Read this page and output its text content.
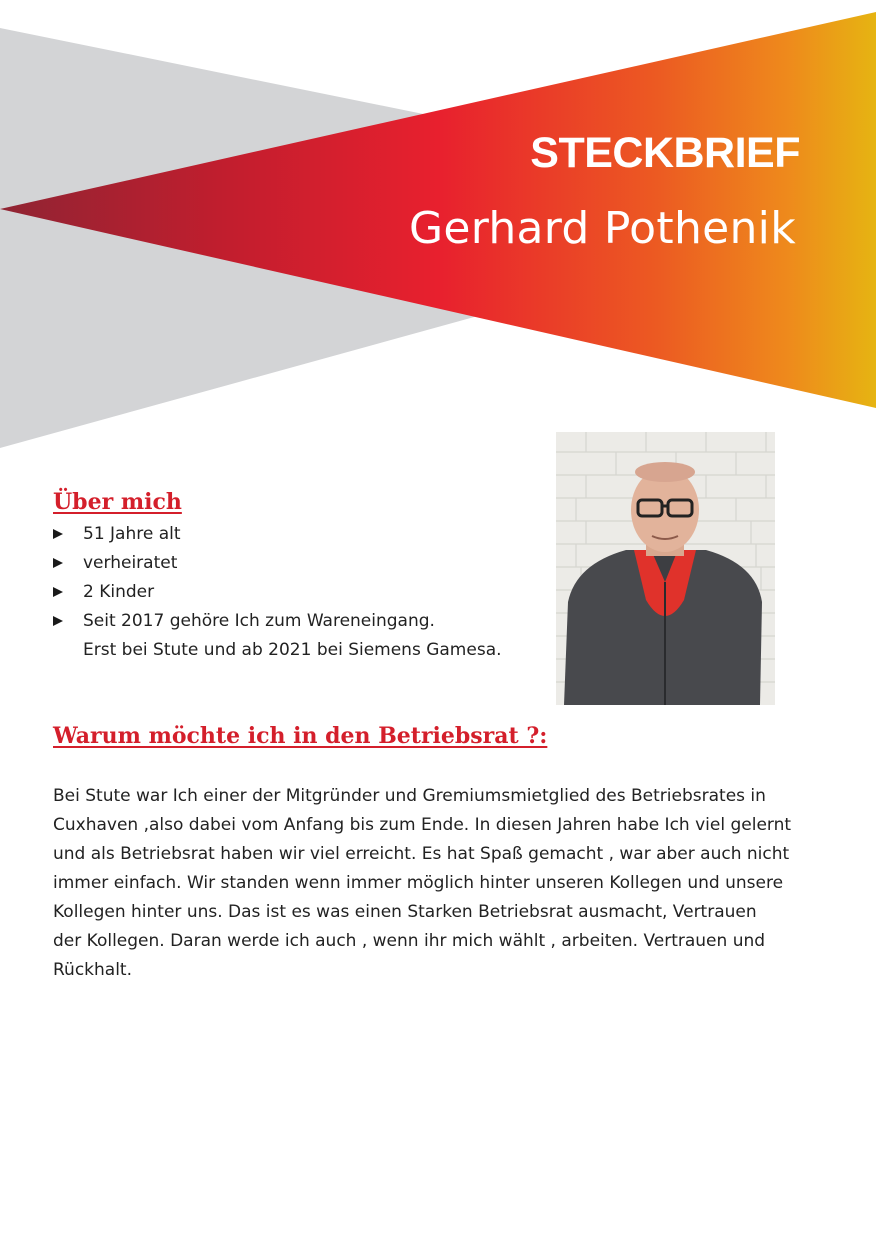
STECKBRIEF
Gerhard Pothenik
Über mich
51 Jahre alt
verheiratet
2 Kinder
Seit 2017 gehöre Ich zum Wareneingang.
Erst bei Stute und ab 2021 bei Siemens Gamesa.
Warum möchte ich in den Betriebsrat ?:
Bei Stute war Ich einer der Mitgründer und Gremiumsmietglied des Betriebsrates in
Cuxhaven ,also dabei vom Anfang bis zum Ende. In diesen Jahren habe Ich viel gelernt
und als Betriebsrat haben wir viel erreicht. Es hat Spaß gemacht , war aber auch nicht
immer einfach. Wir standen wenn immer möglich hinter unseren Kollegen und unsere
Kollegen hinter uns. Das ist es was einen Starken Betriebsrat ausmacht, Vertrauen
der Kollegen. Daran werde ich auch , wenn ihr mich wählt , arbeiten. Vertrauen und
Rückhalt.
